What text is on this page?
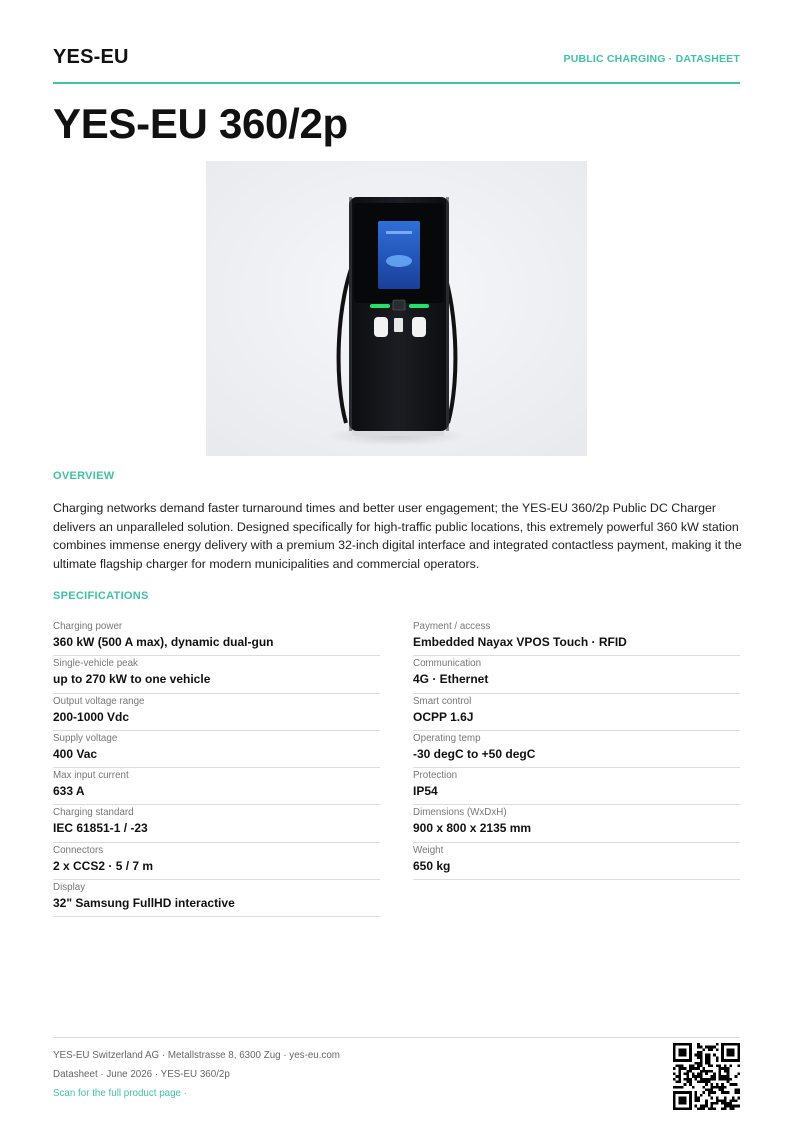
YES-EU	PUBLIC CHARGING · DATASHEET
YES-EU 360/2p
OVERVIEW

Charging networks demand faster turnaround times and better user engagement; the YES-EU 360/2p Public DC Charger delivers an unparalleled solution. Designed specifically for high-traffic public locations, this extremely powerful 360 kW station combines immense energy delivery with a premium 32-inch digital interface and integrated contactless payment, making it the ultimate flagship charger for modern municipalities and commercial operators.

SPECIFICATIONS
Charging power
360 kW (500 A max), dynamic dual-gun
Single-vehicle peak
up to 270 kW to one vehicle
Output voltage range
200-1000 Vdc
Supply voltage
400 Vac
Max input current
633 A
Charging standard
IEC 61851-1 / -23
Connectors
2 x CCS2 · 5 / 7 m
Display
32" Samsung FullHD interactive
Payment / access
Embedded Nayax VPOS Touch · RFID
Communication
4G · Ethernet
Smart control
OCPP 1.6J
Operating temp
-30 degC to +50 degC
Protection
IP54
Dimensions (WxDxH)
900 x 800 x 2135 mm
Weight
650 kg
YES-EU Switzerland AG · Metallstrasse 8, 6300 Zug · yes-eu.com
Datasheet · June 2026 · YES-EU 360/2p
Scan for the full product page ·
